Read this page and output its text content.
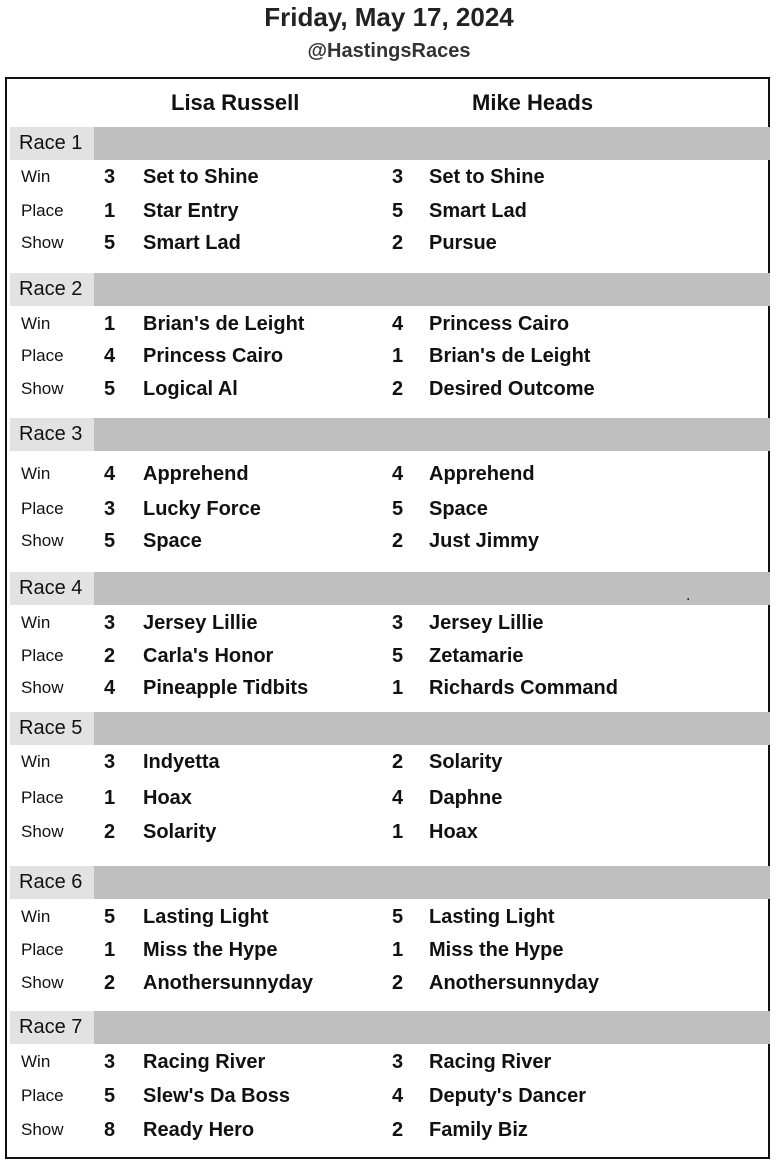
Friday, May 17, 2024
@HastingsRaces
Lisa Russell	Mike Heads
Race 1
Win	3 Set to Shine	3 Set to Shine
Place 1 Star Entry	5 Smart Lad
Show 5 Smart Lad	2 Pursue
Race 2
Win	1 Brian's de Leight	4 Princess Cairo
Place 4 Princess Cairo	1 Brian's de Leight
Show 5 Logical Al	2 Desired Outcome
Race 3
Win	4 Apprehend	4 Apprehend
Place 3 Lucky Force	5 Space
Show 5 Space	2 Just Jimmy
Race 4
Win	3 Jersey Lillie	3 Jersey Lillie
Place 2 Carla's Honor	5 Zetamarie
Show 4 Pineapple Tidbits	1 Richards Command
Race 5
Win	3 Indyetta	2 Solarity
Place 1 Hoax	4 Daphne
Show 2 Solarity	1 Hoax
Race 6
Win	5 Lasting Light	5 Lasting Light
Place 1 Miss the Hype	1 Miss the Hype
Show 2 Anothersunnyday	2 Anothersunnyday
Race 7
Win	3 Racing River	3 Racing River
Place 5 Slew's Da Boss	4 Deputy's Dancer
Show 8 Ready Hero	2 Family Biz
.
